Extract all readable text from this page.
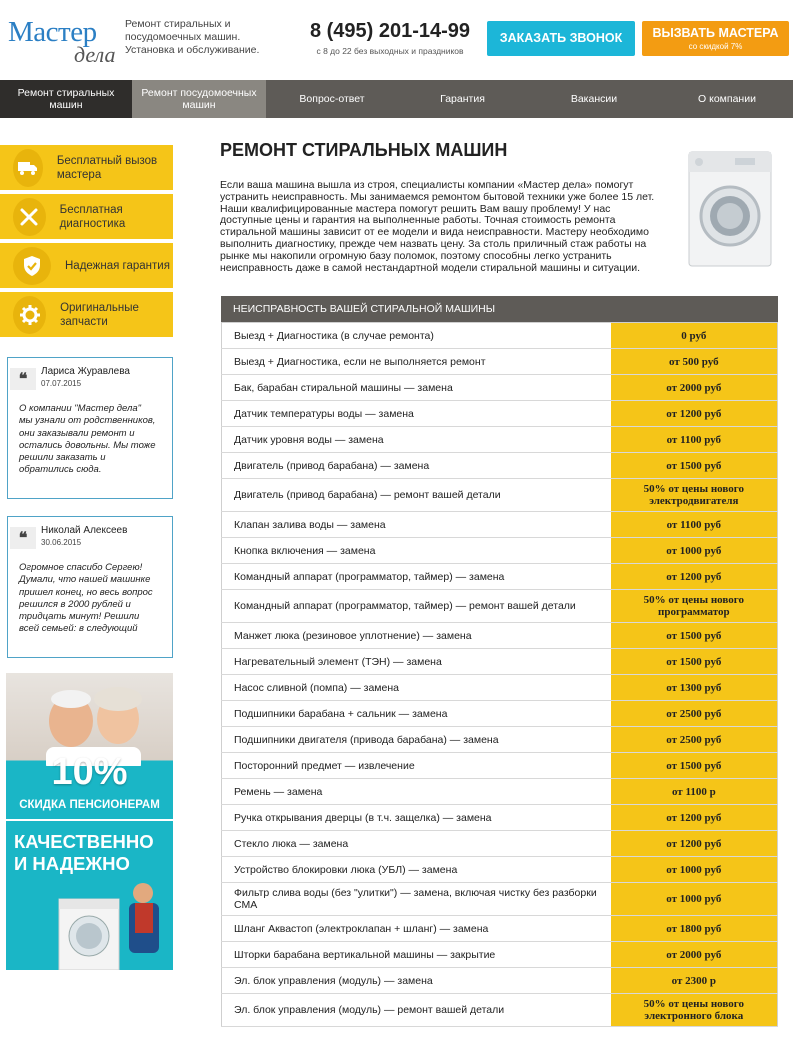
Мастер
дела
Ремонт стиральных и посудомоечных машин. Установка и обслуживание.
8 (495) 201-14-99
с 8 до 22 без выходных и праздников
ЗАКАЗАТЬ ЗВОНОК	ВЫЗВАТЬ МАСТЕРА
со скидкой 7%
Ремонт стиральных машин
Ремонт посудомоечных машин	Вопрос-ответ	Гарантия	Вакансии	О компании
Бесплатный вызов мастера
Бесплатная диагностика
Надежная гарантия
Оригинальные запчасти
❝	Лариса Журавлева
07.07.2015
О компании "Мастер дела" мы узнали от родственников, они заказывали ремонт и остались довольны. Мы тоже решили заказать и обратились сюда.
❝	Николай Алексеев
30.06.2015
Огромное спасибо Сергею! Думали, что нашей машинке пришел конец, но весь вопрос решился в 2000 рублей и тридцать минут! Решили всей семьей: в следующий
10%
СКИДКА ПЕНСИОНЕРАМ
КАЧЕСТВЕННО
И НАДЕЖНО
РЕМОНТ СТИРАЛЬНЫХ МАШИН
Если ваша машина вышла из строя, специалисты компании «Мастер дела» помогут устранить неисправность. Мы занимаемся ремонтом бытовой техники уже более 15 лет. Наши квалифицированные мастера помогут решить Вам вашу проблему! У нас доступные цены и гарантия на выполненные работы. Точная стоимость ремонта стиральной машины зависит от ее модели и вида неисправности. Мастеру необходимо выполнить диагностику, прежде чем назвать цену. За столь приличный стаж работы на рынке мы накопили огромную базу поломок, поэтому способны легко устранить неисправность даже в самой нестандартной модели стиральной машины и ситуации.
НЕИСПРАВНОСТЬ ВАШЕЙ СТИРАЛЬНОЙ МАШИНЫ
Выезд + Диагностика (в случае ремонта)	0 руб
Выезд + Диагностика, если не выполняется ремонт	от 500 руб
Бак, барабан стиральной машины — замена	от 2000 руб
Датчик температуры воды — замена	от 1200 руб
Датчик уровня воды — замена	от 1100 руб
Двигатель (привод барабана) — замена	от 1500 руб
Двигатель (привод барабана) — ремонт вашей детали	50% от цены нового электродвигателя
Клапан залива воды — замена	от 1100 руб
Кнопка включения — замена	от 1000 руб
Командный аппарат (программатор, таймер) — замена	от 1200 руб
Командный аппарат (программатор, таймер) — ремонт вашей детали	50% от цены нового программатор
Манжет люка (резиновое уплотнение) — замена	от 1500 руб
Нагревательный элемент (ТЭН) — замена	от 1500 руб
Насос сливной (помпа) — замена	от 1300 руб
Подшипники барабана + сальник — замена	от 2500 руб
Подшипники двигателя (привода барабана) — замена	от 2500 руб
Посторонний предмет — извлечение	от 1500 руб
Ремень — замена	от 1100 р
Ручка открывания дверцы (в т.ч. защелка) — замена	от 1200 руб
Стекло люка — замена	от 1200 руб
Устройство блокировки люка (УБЛ) — замена	от 1000 руб
Фильтр слива воды (без "улитки") — замена, включая чистку без разборки СМА	от 1000 руб
Шланг Аквастоп (электроклапан + шланг) — замена	от 1800 руб
Шторки барабана вертикальной машины — закрытие	от 2000 руб
Эл. блок управления (модуль) — замена	от 2300 р
Эл. блок управления (модуль) — ремонт вашей детали	50% от цены нового электронного блока
